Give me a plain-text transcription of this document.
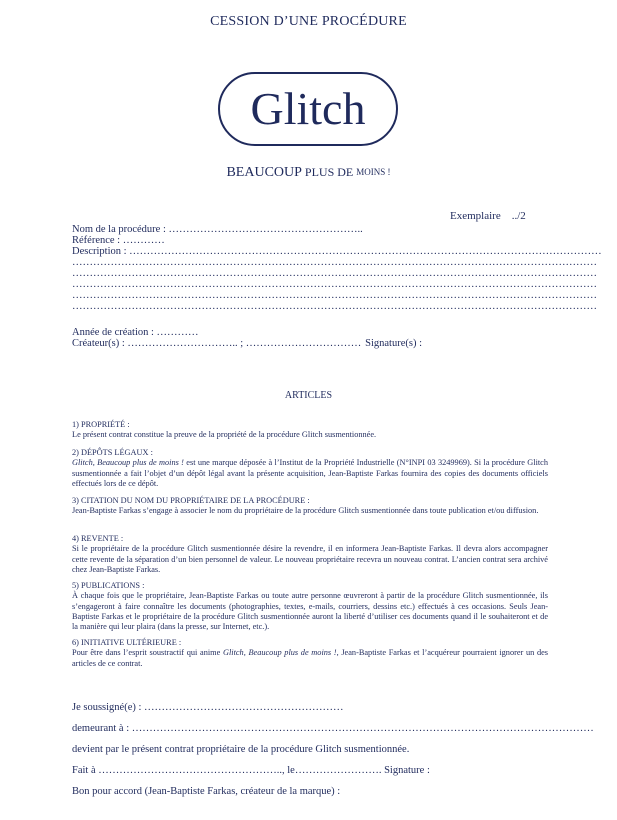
CESSION D’UNE PROCÉDURE
Glitch
BEAUCOUP PLUS DE MOINS !
Exemplaire    ../2
Nom de la procédure : ………………………………………………..
Référence : …………
Description : ………………………………………………………………………………………………………………………
……………………………………………………………………………………………………………………………………
……………………………………………………………………………………………………………………………………
……………………………………………………………………………………………………………………………………
……………………………………………………………………………………………………………………………………
……………………………………………………………………………………………………………………………………
Année de création : …………
Créateur(s) : ………………………….. ; …………………………… Signature(s) :
ARTICLES
1) PROPRIÉTÉ :
Le présent contrat constitue la preuve de la propriété de la procédure Glitch susmentionnée.
2) DÉPÔTS LÉGAUX :
Glitch, Beaucoup plus de moins ! est une marque déposée à l’Institut de la Propriété Industrielle (N°INPI 03 3249969). Si la procédure Glitch susmentionnée a fait l’objet d’un dépôt légal avant la présente acquisition, Jean-Baptiste Farkas fournira des copies des documents officiels effectués lors de ce dépôt.
3) CITATION DU NOM DU PROPRIÉTAIRE DE LA PROCÉDURE :
Jean-Baptiste Farkas s’engage à associer le nom du propriétaire de la procédure Glitch susmentionnée dans toute publication et/ou diffusion.
4) REVENTE :
Si le propriétaire de la procédure Glitch susmentionnée désire la revendre, il en informera Jean-Baptiste Farkas. Il devra alors accompagner cette revente de la séparation d’un bien personnel de valeur. Le nouveau propriétaire recevra un nouveau contrat. L’ancien contrat sera archivé chez Jean-Baptiste Farkas.
5) PUBLICATIONS :
À chaque fois que le propriétaire, Jean-Baptiste Farkas ou toute autre personne œuvreront à partir de la procédure Glitch susmentionnée, ils s’engageront à faire connaître les documents (photographies, textes, e-mails, courriers, dessins etc.) effectués à ces occasions. Seuls Jean-Baptiste Farkas et le propriétaire de la procédure Glitch susmentionnée auront la liberté d’utiliser ces documents quand il le souhaiteront et de la manière qui leur plaira (dans la presse, sur Internet, etc.).
6) INITIATIVE ULTÉRIEURE :
Pour être dans l’esprit soustractif qui anime Glitch, Beaucoup plus de moins !, Jean-Baptiste Farkas et l’acquéreur pourraient ignorer un des articles de ce contrat.
Je soussigné(e) : …………………………………………………
demeurant à : ……………………………………………………………………………………………………………………
devient par le présent contrat propriétaire de la procédure Glitch susmentionnée.
Fait à …………………………………………….., le……………………. Signature :
Bon pour accord (Jean-Baptiste Farkas, créateur de la marque) :
